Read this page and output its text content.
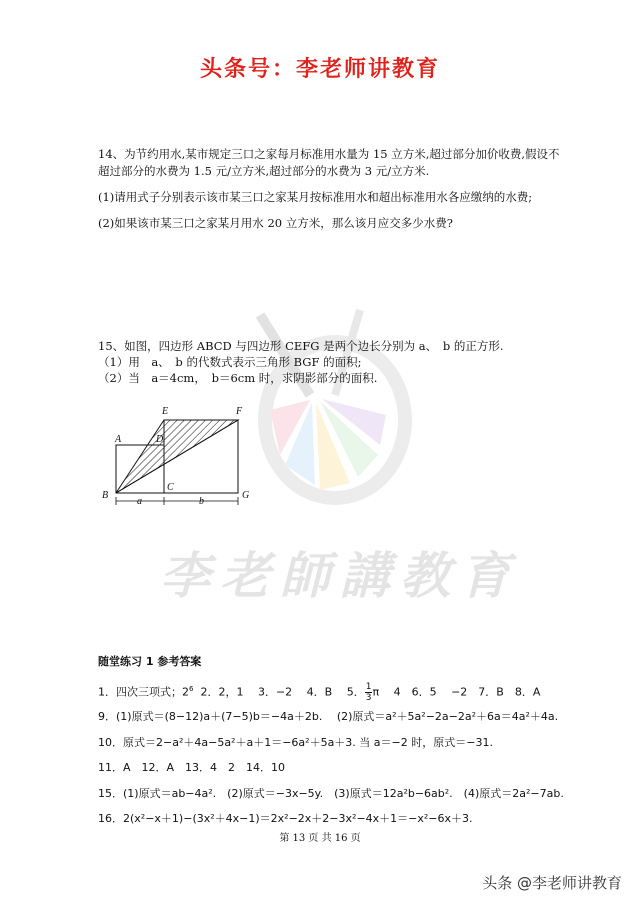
头条号：李老师讲教育
李老師講教育
14、为节约用水,某市规定三口之家每月标准用水量为 15 立方米,超过部分加价收费,假设不
超过部分的水费为 1.5 元/立方米,超过部分的水费为 3 元/立方米.
(1)请用式子分别表示该市某三口之家某月按标准用水和超出标准用水各应缴纳的水费;
(2)如果该市某三口之家某月用水 20 立方米，那么该月应交多少水费?
15、如图，四边形 ABCD 与四边形 CEFG 是两个边长分别为 a、　b 的正方形.
（1）用　a、　b 的代数式表示三角形 BGF 的面积;
（2）当　a＝4cm，　b＝6cm 时，求阴影部分的面积.
A
B
C
D
E	F
G
a	b
随堂练习 1 参考答案
1．四次三项式；$2^6$  2．2，1　 3．−2　 4．B　 5． $\frac{1}{3}$ π　 4　6．5　 −2　7．B　8．A
9．(1)原式＝(8−12)a＋(7−5)b＝−4a＋2b.　 (2)原式＝a²＋5a²−2a−2a²＋6a＝4a²＋4a.
10．原式＝2−a²＋4a−5a²＋a＋1＝−6a²＋5a＋3. 当 a＝−2 时，原式＝−31.
11．A　12．A　13．4　2　14．10
15．(1)原式＝ab−4a².　(2)原式＝−3x−5y.　(3)原式＝12a²b−6ab².　(4)原式＝2a²−7ab.
16．2(x²−x＋1)−(3x²＋4x−1)＝2x²−2x＋2−3x²−4x＋1＝−x²−6x＋3.
第 13 页 共 16 页
头条 @李老师讲教育
